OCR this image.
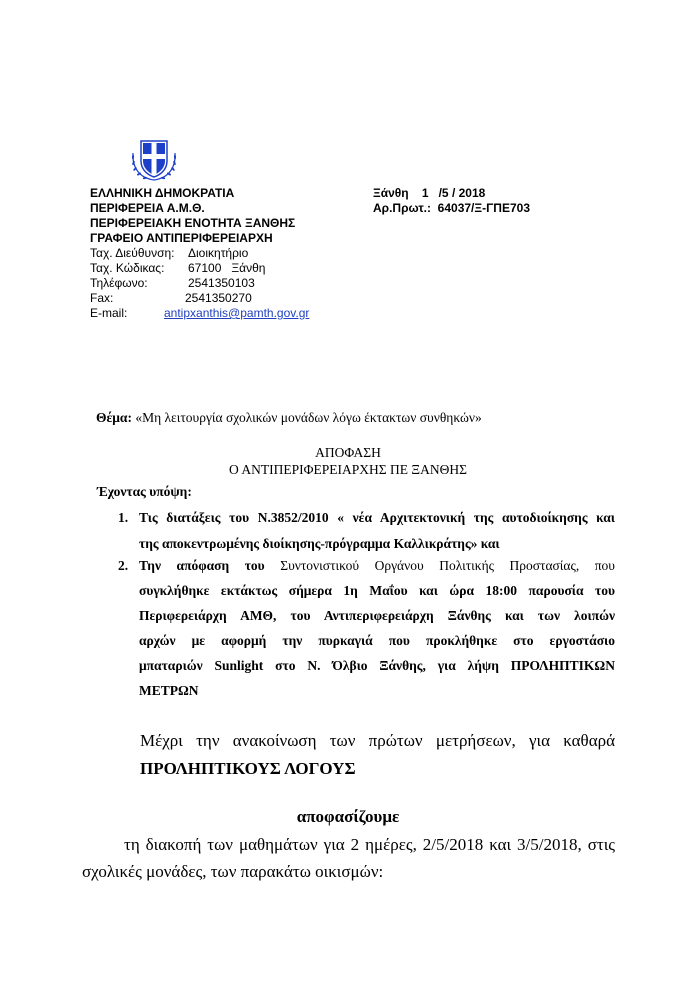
ΕΛΛΗΝΙΚΗ ΔΗΜΟΚΡΑΤΙΑ
ΠΕΡΙΦΕΡΕΙΑ Α.Μ.Θ.
ΠΕΡΙΦΕΡΕΙΑΚΗ ΕΝΟΤΗΤΑ ΞΑΝΘΗΣ
ΓΡΑΦΕΙΟ ΑΝΤΙΠΕΡΙΦΕΡΕΙΑΡΧΗ
Ξάνθη    1   /5 / 2018
Αρ.Πρωτ.:  64037/Ξ-ΓΠΕ703
Ταχ. Διεύθυνση: Διοικητήριο
Ταχ. Κώδικας: 67100   Ξάνθη
Τηλέφωνο:	2541350103
Fax:	2541350270
E-mail:	antipxanthis@pamth.gov.gr
Θέμα: «Μη λειτουργία σχολικών μονάδων λόγω έκτακτων συνθηκών»
ΑΠΟΦΑΣΗ
Ο ΑΝΤΙΠΕΡΙΦΕΡΕΙΑΡΧΗΣ ΠΕ ΞΑΝΘΗΣ
Έχοντας υπόψη:
1. Τις διατάξεις του Ν.3852/2010 « νέα Αρχιτεκτονική της αυτοδιοίκησης και
της αποκεντρωμένης διοίκησης-πρόγραμμα Καλλικράτης» και
2. Την απόφαση του Συντονιστικού Οργάνου Πολιτικής Προστασίας, που
συγκλήθηκε εκτάκτως σήμερα 1η Μαΐου και ώρα 18:00 παρουσία του
Περιφερειάρχη ΑΜΘ, του Αντιπεριφερειάρχη Ξάνθης και των λοιπών
αρχών με αφορμή την πυρκαγιά που προκλήθηκε στο εργοστάσιο
μπαταριών Sunlight στο Ν. Όλβιο Ξάνθης, για λήψη ΠΡΟΛΗΠΤΙΚΩΝ
ΜΕΤΡΩΝ
Μέχρι την ανακοίνωση των πρώτων μετρήσεων, για καθαρά
ΠΡΟΛΗΠΤΙΚΟΥΣ ΛΟΓΟΥΣ
αποφασίζουμε
τη διακοπή των μαθημάτων για 2 ημέρες, 2/5/2018 και 3/5/2018, στις
σχολικές μονάδες, των παρακάτω οικισμών:
